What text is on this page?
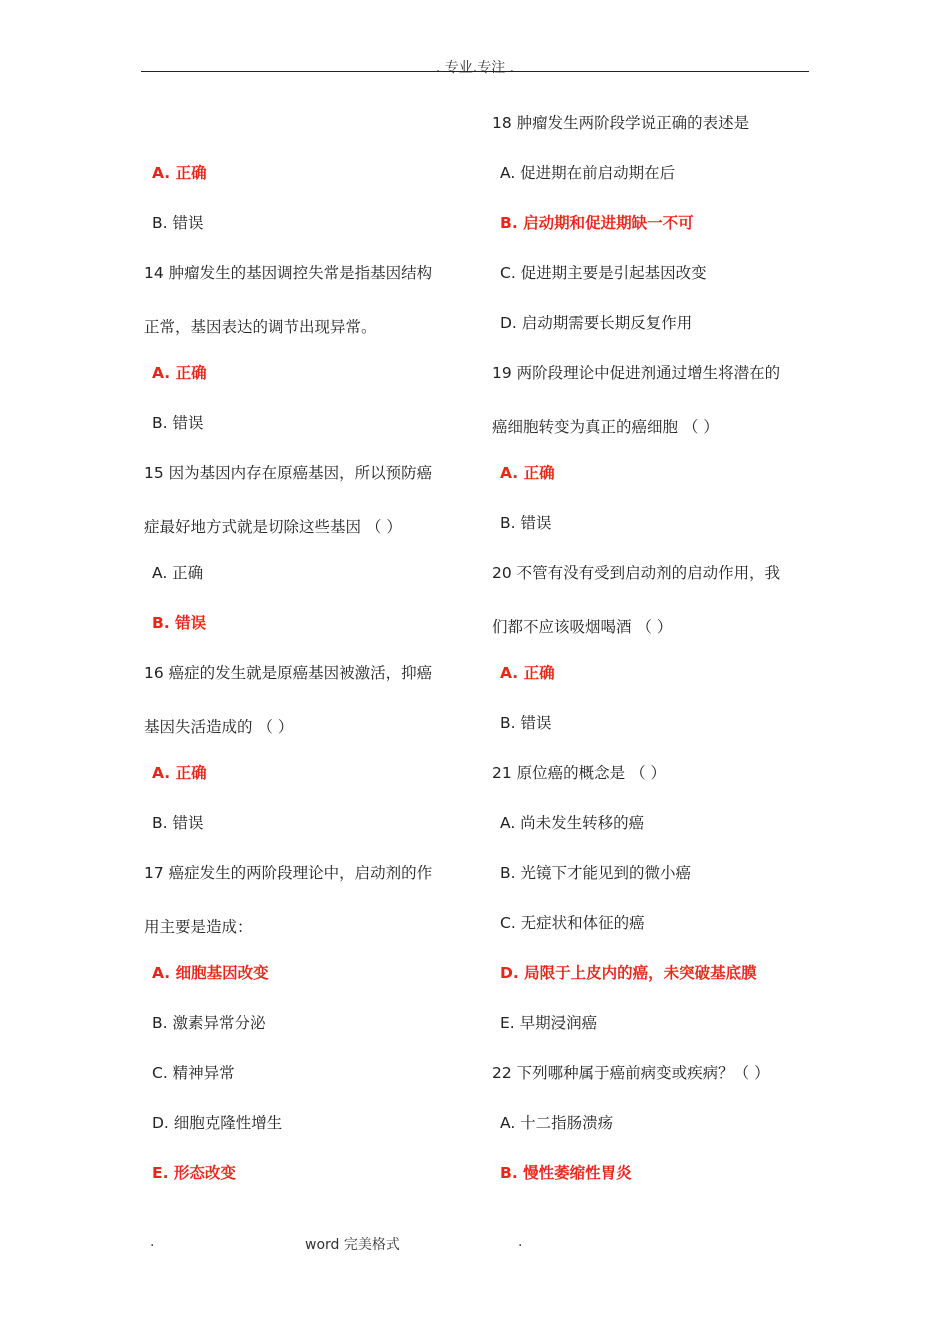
. 专业.专注 .
A. 正确
B. 错误
14 肿瘤发生的基因调控失常是指基因结构
正常，基因表达的调节出现异常。
A. 正确
B. 错误
15 因为基因内存在原癌基因，所以预防癌
症最好地方式就是切除这些基因 （ ）
A. 正确
B. 错误
16 癌症的发生就是原癌基因被激活，抑癌
基因失活造成的 （ ）
A. 正确
B. 错误
17 癌症发生的两阶段理论中，启动剂的作
用主要是造成：
A. 细胞基因改变
B. 激素异常分泌
C. 精神异常
D. 细胞克隆性增生
E. 形态改变
18 肿瘤发生两阶段学说正确的表述是
A. 促进期在前启动期在后
B. 启动期和促进期缺一不可
C. 促进期主要是引起基因改变
D. 启动期需要长期反复作用
19 两阶段理论中促进剂通过增生将潜在的
癌细胞转变为真正的癌细胞 （ ）
A. 正确
B. 错误
20 不管有没有受到启动剂的启动作用，我
们都不应该吸烟喝酒 （ ）
A. 正确
B. 错误
21 原位癌的概念是 （ ）
A. 尚未发生转移的癌
B. 光镜下才能见到的微小癌
C. 无症状和体征的癌
D. 局限于上皮内的癌，未突破基底膜
E. 早期浸润癌
22 下列哪种属于癌前病变或疾病？（ ）
A. 十二指肠溃疡
B. 慢性萎缩性胃炎
.	word 完美格式	.
